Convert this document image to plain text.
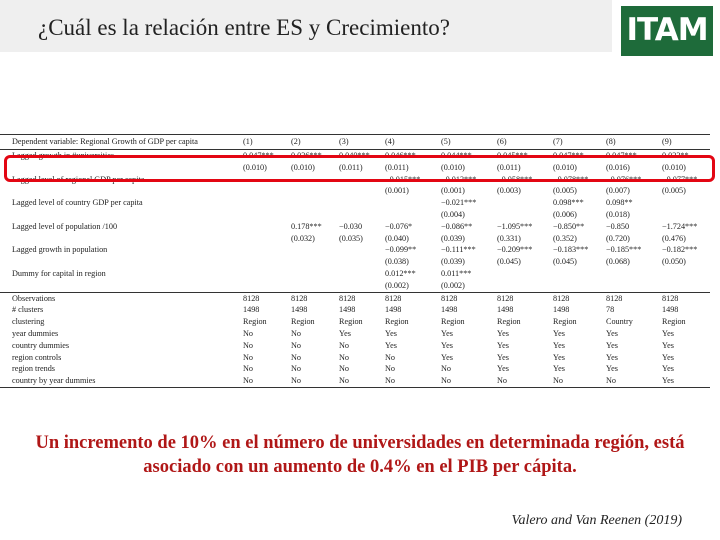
¿Cuál es la relación entre ES y Crecimiento?	ITAM
Dependent variable: Regional Growth of GDP per capita	(1)	(2)	(3)	(4)	(5)	(6)	(7)	(8)	(9)
Lagged growth in #universities	0.047***	0.036***	0.040***	0.046***	0.044***	0.045***	0.047***	0.047***	0.023**
	(0.010)	(0.010)	(0.011)	(0.011)	(0.010)	(0.011)	(0.010)	(0.016)	(0.010)
Lagged level of regional GDP per capita				−0.015***	−0.013***	−0.058***	−0.078***	−0.076***	−0.077***
				(0.001)	(0.001)	(0.003)	(0.005)	(0.007)	(0.005)
Lagged level of country GDP per capita					−0.021***		0.098***	0.098**	
					(0.004)		(0.006)	(0.018)	
Lagged level of population /100		0.178***	−0.030	−0.076*	−0.086**	−1.095***	−0.850**	−0.850	−1.724***
		(0.032)	(0.035)	(0.040)	(0.039)	(0.331)	(0.352)	(0.720)	(0.476)
Lagged growth in population				−0.099**	−0.111***	−0.209***	−0.183***	−0.185***	−0.182***
				(0.038)	(0.039)	(0.045)	(0.045)	(0.068)	(0.050)
Dummy for capital in region				0.012***	0.011***				
				(0.002)	(0.002)				
Observations	8128	8128	8128	8128	8128	8128	8128	8128	8128
# clusters	1498	1498	1498	1498	1498	1498	1498	78	1498
clustering	Region	Region	Region	Region	Region	Region	Region	Country	Region
year dummies	No	No	Yes	Yes	Yes	Yes	Yes	Yes	Yes
country dummies	No	No	No	Yes	Yes	Yes	Yes	Yes	Yes
region controls	No	No	No	No	Yes	Yes	Yes	Yes	Yes
region trends	No	No	No	No	No	Yes	Yes	Yes	Yes
country by year dummies	No	No	No	No	No	No	No	No	Yes

Un incremento de 10% en el número de universidades en determinada región, está asociado con un aumento de 0.4% en el PIB per cápita.

Valero and Van Reenen (2019)
